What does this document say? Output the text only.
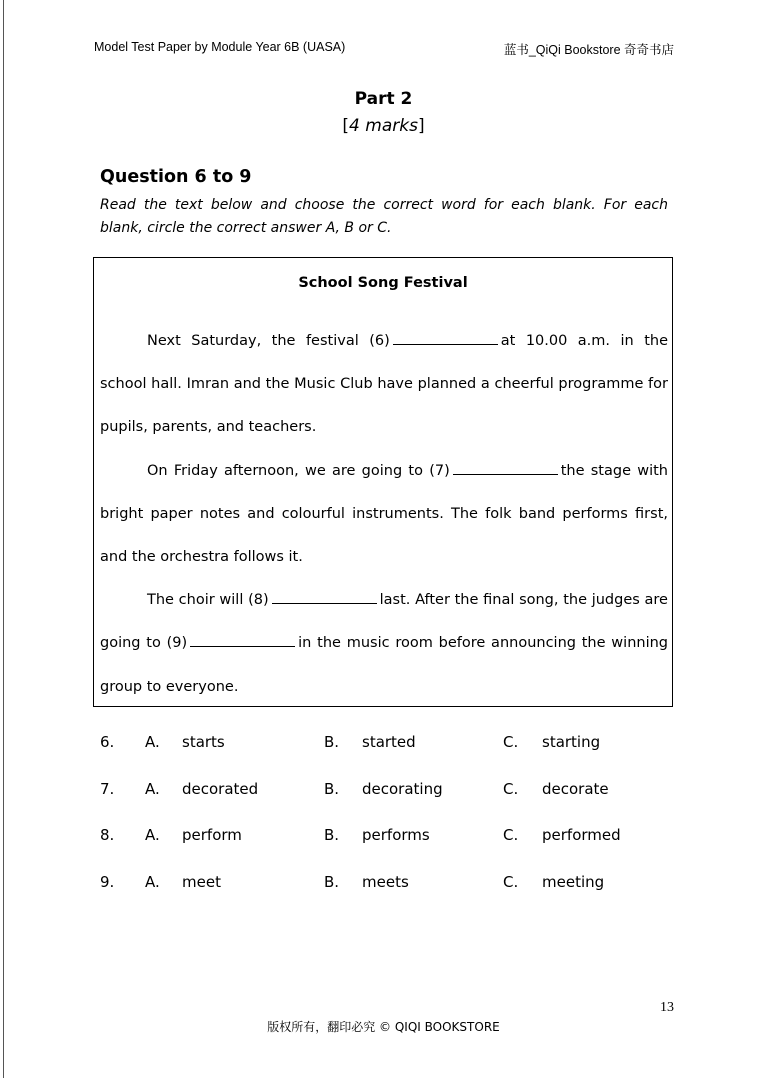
Model Test Paper by Module Year 6B (UASA)	蓝书_QiQi Bookstore 奇奇书店
Part 2
[4 marks]
Question 6 to 9
Read the text below and choose the correct word for each blank. For each blank, circle the correct answer A, B or C.
School Song Festival

Next Saturday, the festival (6)	at 10.00 a.m. in the school hall. Imran and the Music Club have planned a cheerful programme for pupils, parents, and teachers.

On Friday afternoon, we are going to (7)	the stage with bright paper notes and colourful instruments. The folk band performs first, and the orchestra follows it.

The choir will (8)	last. After the final song, the judges are going to (9)	in the music room before announcing the winning group to everyone.

6. A. starts	B. started	C. starting
7. A. decorated	B. decorating	C. decorate
8. A. perform	B. performs	C. performed
9. A. meet	B. meets	C. meeting
13
版权所有，翻印必究 © QIQI BOOKSTORE
